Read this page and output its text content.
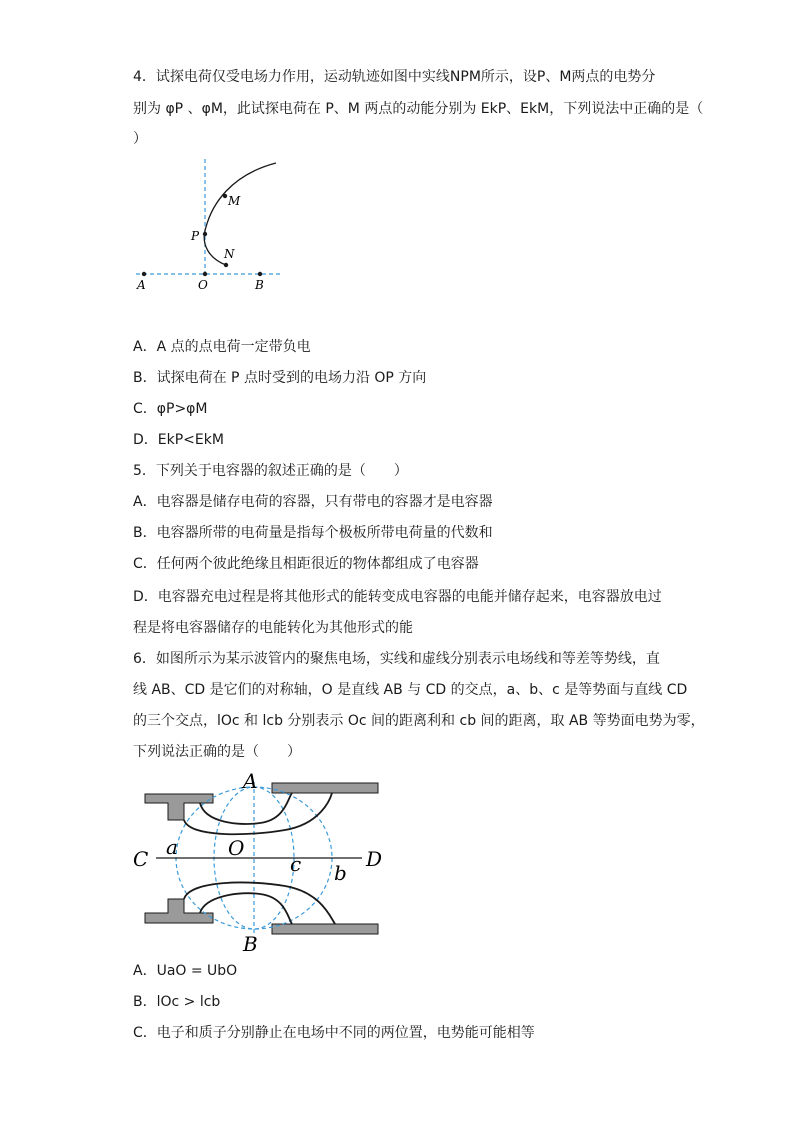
4．试探电荷仅受电场力作用，运动轨迹如图中实线NPM所示，设P、M两点的电势分
别为 φP 、φM，此试探电荷在 P、M 两点的动能分别为 EkP、EkM，下列说法中正确的是（
）
M
P
N
A	O	B
A．A 点的点电荷一定带负电
B．试探电荷在 P 点时受到的电场力沿 OP 方向
C．φP>φM
D．EkP<EkM
5．下列关于电容器的叙述正确的是（　　）
A．电容器是储存电荷的容器，只有带电的容器才是电容器
B．电容器所带的电荷量是指每个极板所带电荷量的代数和
C．任何两个彼此绝缘且相距很近的物体都组成了电容器
D．电容器充电过程是将其他形式的能转变成电容器的电能并储存起来，电容器放电过
程是将电容器储存的电能转化为其他形式的能
6．如图所示为某示波管内的聚焦电场，实线和虚线分别表示电场线和等差等势线，直
线 AB、CD 是它们的对称轴，O 是直线 AB 与 CD 的交点，a、b、c 是等势面与直线 CD
的三个交点，lOc 和 lcb 分别表示 Oc 间的距离利和 cb 间的距离，取 AB 等势面电势为零，
下列说法正确的是（　　）
A
B
C	D
O
a
c b
A．UaO = UbO
B．lOc > lcb
C．电子和质子分别静止在电场中不同的两位置，电势能可能相等
